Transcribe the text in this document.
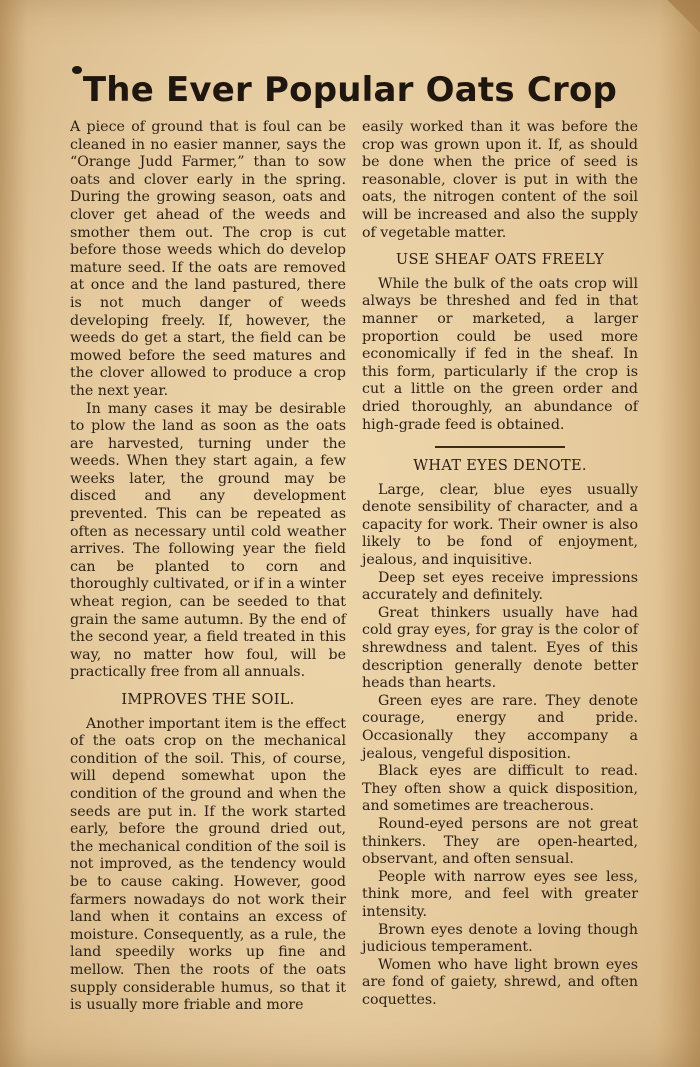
The Ever Popular Oats Crop

A piece of ground that is foul can be cleaned in no easier manner, says the “Orange Judd Farmer,” than to sow oats and clover early in the spring. During the growing season, oats and clover get ahead of the weeds and smother them out. The crop is cut before those weeds which do develop mature seed. If the oats are removed at once and the land pastured, there is not much danger of weeds developing freely. If, however, the weeds do get a start, the field can be mowed before the seed matures and the clover allowed to produce a crop the next year.

In many cases it may be desirable to plow the land as soon as the oats are harvested, turning under the weeds. When they start again, a few weeks later, the ground may be disced and any development prevented. This can be repeated as often as necessary until cold weather arrives. The following year the field can be planted to corn and thoroughly cultivated, or if in a winter wheat region, can be seeded to that grain the same autumn. By the end of the second year, a field treated in this way, no matter how foul, will be practically free from all annuals.

IMPROVES THE SOIL.

Another important item is the effect of the oats crop on the mechanical condition of the soil. This, of course, will depend somewhat upon the condition of the ground and when the seeds are put in. If the work started early, before the ground dried out, the mechanical condition of the soil is not improved, as the tendency would be to cause caking. However, good farmers nowadays do not work their land when it contains an excess of moisture. Consequently, as a rule, the land speedily works up fine and mellow. Then the roots of the oats supply considerable humus, so that it is usually more friable and more

easily worked than it was before the crop was grown upon it. If, as should be done when the price of seed is reasonable, clover is put in with the oats, the nitrogen content of the soil will be increased and also the supply of vegetable matter.

USE SHEAF OATS FREELY

While the bulk of the oats crop will always be threshed and fed in that manner or marketed, a larger proportion could be used more economically if fed in the sheaf. In this form, particularly if the crop is cut a little on the green order and dried thoroughly, an abundance of high-grade feed is obtained.

WHAT EYES DENOTE.

Large, clear, blue eyes usually denote sensibility of character, and a capacity for work. Their owner is also likely to be fond of enjoyment, jealous, and inquisitive.

Deep set eyes receive impressions accurately and definitely.

Great thinkers usually have had cold gray eyes, for gray is the color of shrewdness and talent. Eyes of this description generally denote better heads than hearts.

Green eyes are rare. They denote courage, energy and pride. Occasionally they accompany a jealous, vengeful disposition.

Black eyes are difficult to read. They often show a quick disposition, and sometimes are treacherous.

Round-eyed persons are not great thinkers. They are open-hearted, observant, and often sensual.

People with narrow eyes see less, think more, and feel with greater intensity.

Brown eyes denote a loving though judicious temperament.

Women who have light brown eyes are fond of gaiety, shrewd, and often coquettes.
